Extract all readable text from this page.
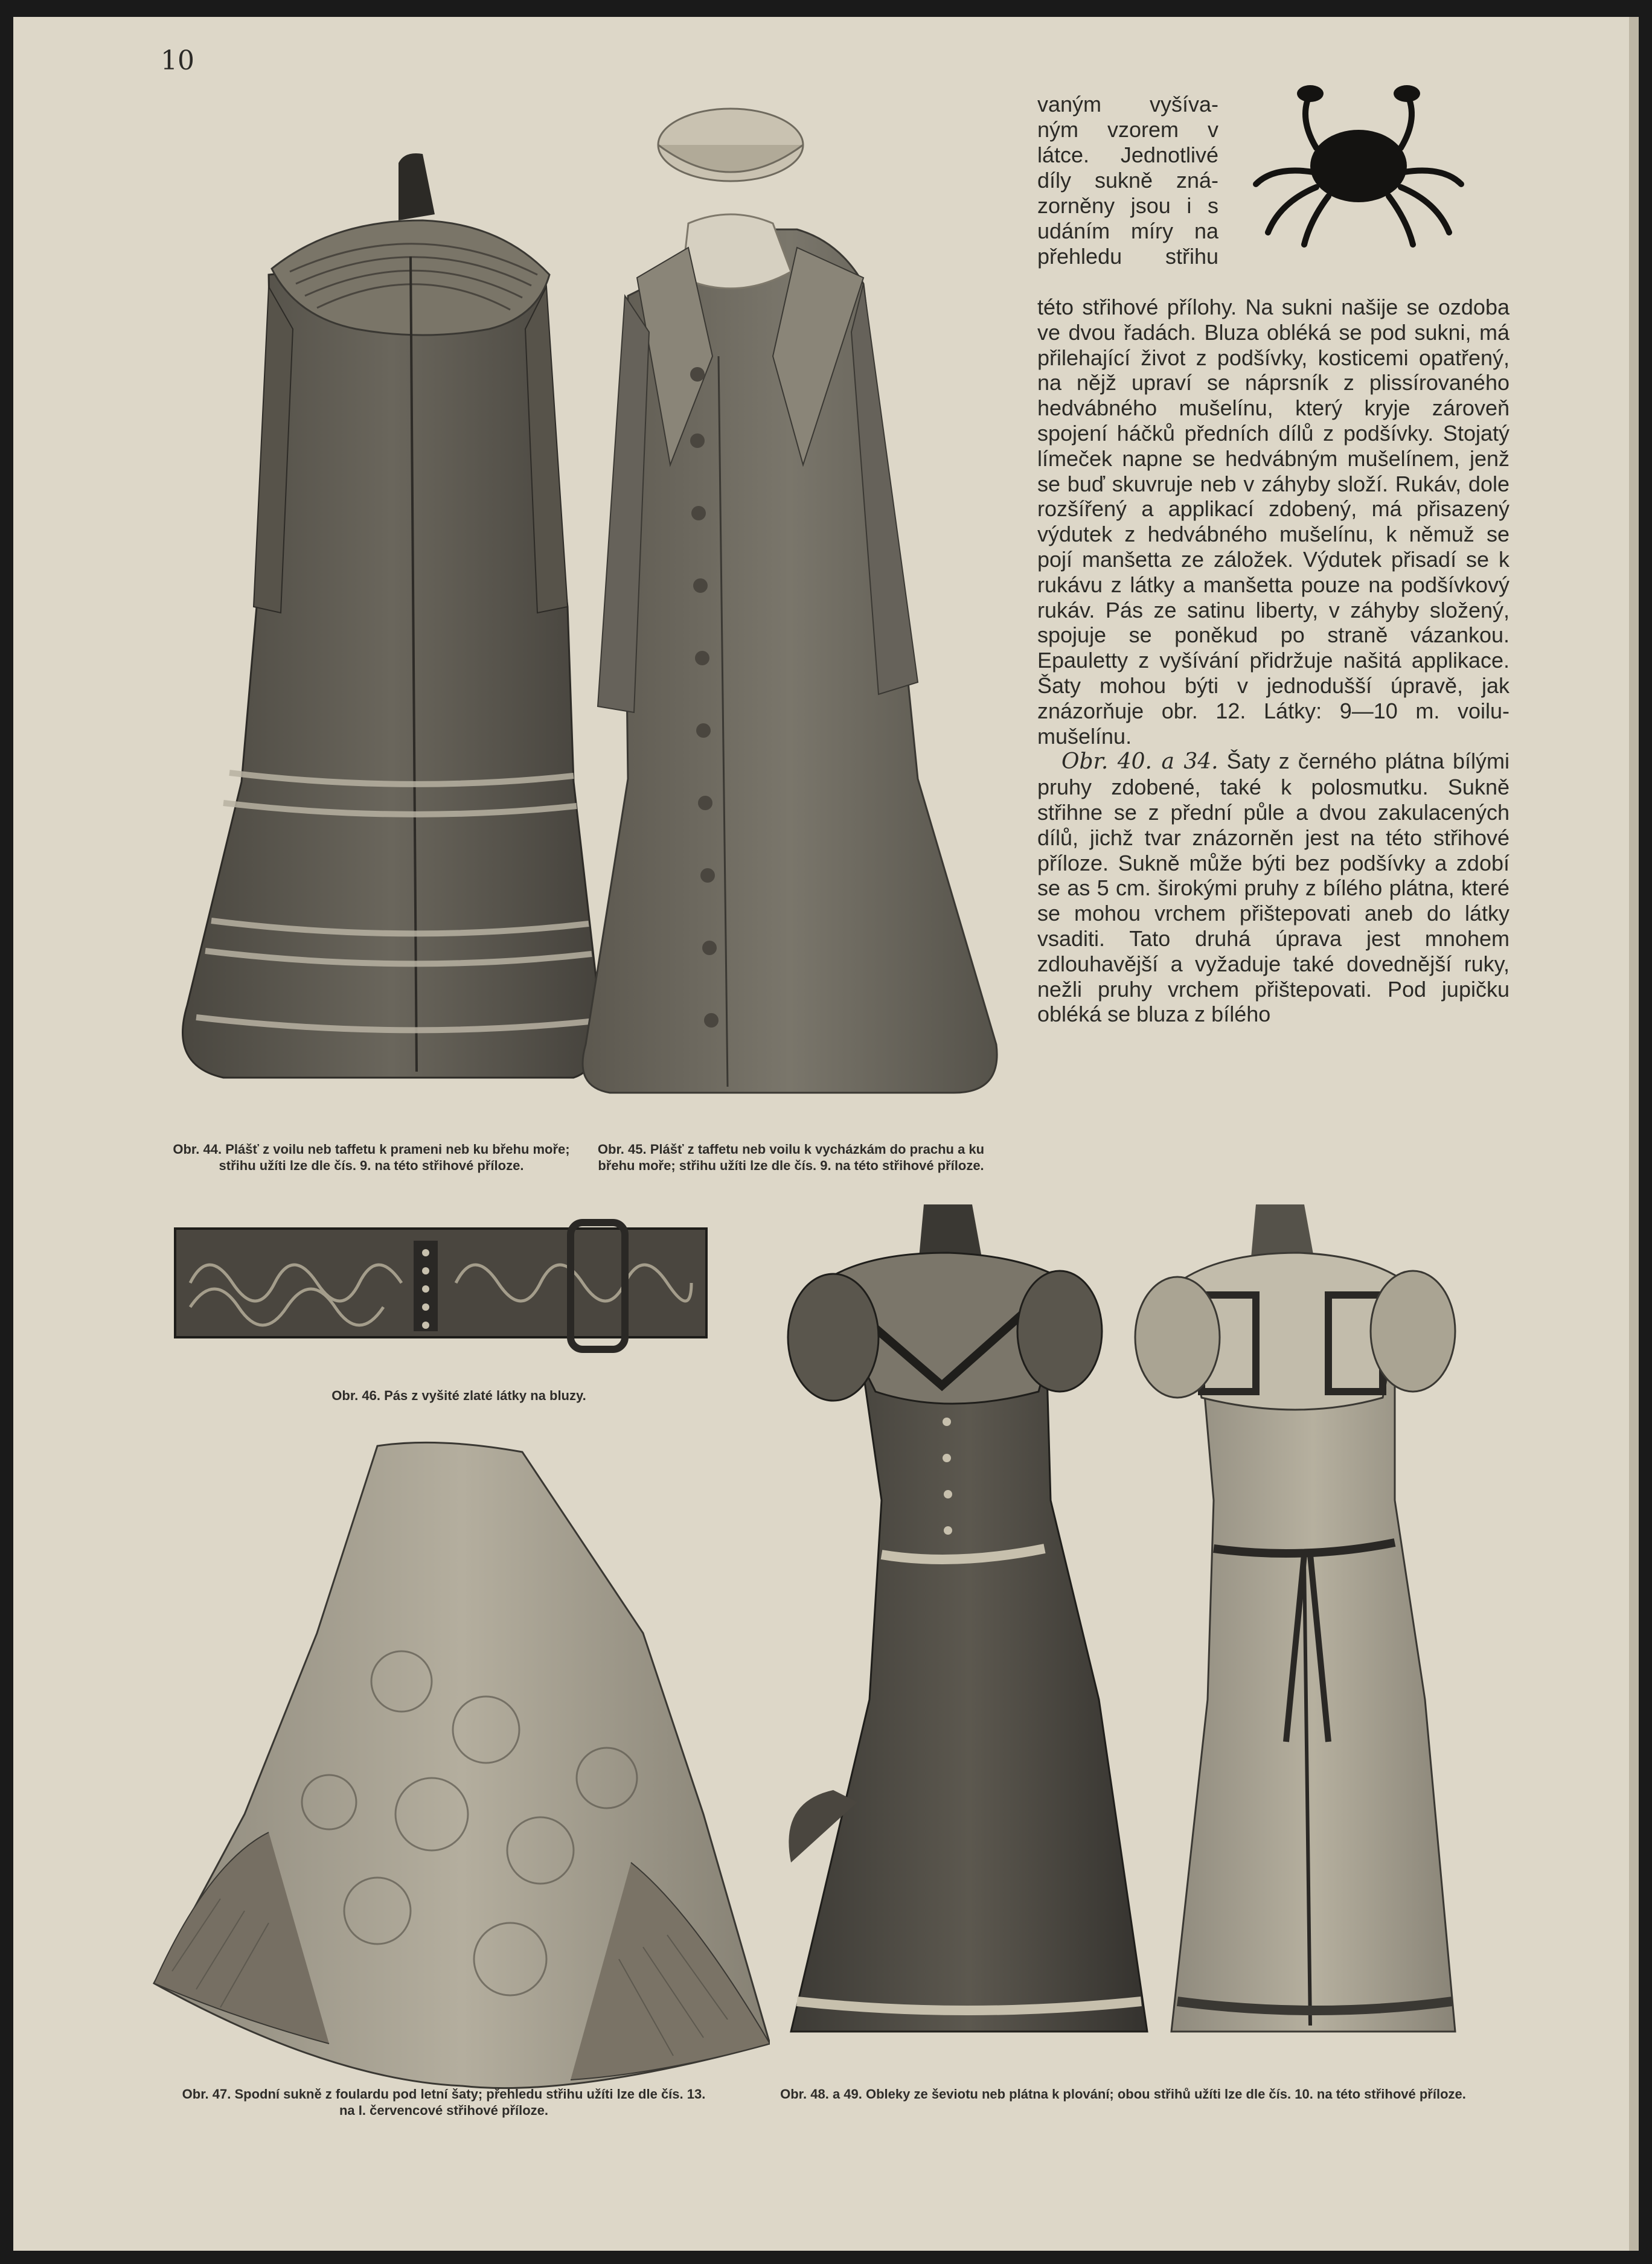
10
Obr. 44. Plášť z voilu neb taffetu k prameni neb ku břehu moře; střihu užíti lze dle čís. 9. na této střihové příloze.
Obr. 45. Plášť z taffetu neb voilu k vycházkám do prachu a ku břehu moře; střihu užíti lze dle čís. 9. na této střihové příloze.
vaným vyšíva-
ným vzorem v
látce. Jednotlivé
díly sukně zná-
zorněny jsou i s
udáním míry na
přehledu střihu

této střihové přílohy. Na sukni našije se ozdoba ve dvou řadách. Bluza obléká se pod sukni, má přilehající život z podšívky, kosticemi opatřený, na nějž upraví se náprsník z plissírovaného hedvábného mušelínu, který kryje zároveň spojení háčků předních dílů z podšívky. Stojatý límeček napne se hedvábným mušelínem, jenž se buď skuvruje neb v záhyby složí. Rukáv, dole rozšířený a applikací zdobený, má přisazený výdutek z hedvábného mušelínu, k němuž se pojí manšetta ze záložek. Výdutek přisadí se k rukávu z látky a manšetta pouze na podšívkový rukáv. Pás ze satinu liberty, v záhyby složený, spojuje se poněkud po straně vázankou. Epauletty z vyšívání přidržuje našitá applikace. Šaty mohou býti v jednodušší úpravě, jak znázorňuje obr. 12. Látky: 9—10 m. voilu-mušelínu.

Obr. 40. a 34. Šaty z černého plátna bílými pruhy zdobené, také k polosmutku. Sukně střihne se z přední půle a dvou zakulacených dílů, jichž tvar znázorněn jest na této střihové příloze. Sukně může býti bez podšívky a zdobí se as 5 cm. širokými pruhy z bílého plátna, které se mohou vrchem přištepovati aneb do látky vsaditi. Tato druhá úprava jest mnohem zdlouhavější a vyžaduje také dovednější ruky, nežli pruhy vrchem přištepovati. Pod jupičku obléká se bluza z bílého

Obr. 46. Pás z vyšité zlaté látky na bluzy.
Obr. 47. Spodní sukně z foulardu pod letní šaty; přehledu střihu užíti lze dle čís. 13. na I. červencové střihové příloze.
Obr. 48. a 49. Obleky ze ševiotu neb plátna k plování; obou střihů užíti lze dle čís. 10. na této střihové příloze.
